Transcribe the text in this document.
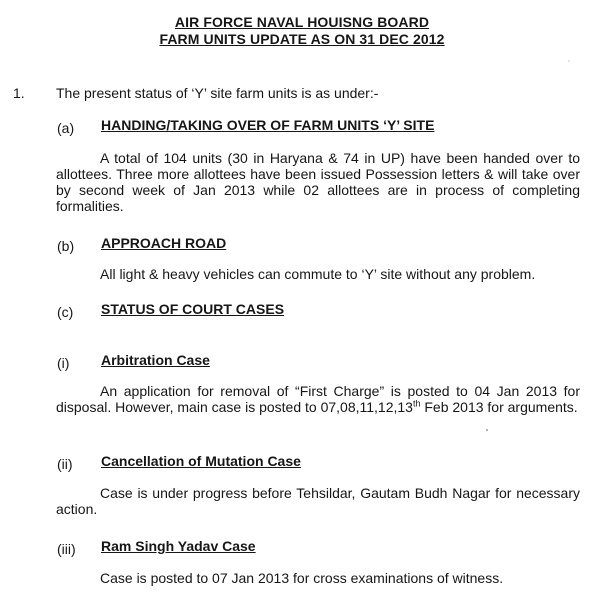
AIR FORCE NAVAL HOUISNG BOARD
FARM UNITS UPDATE AS ON 31 DEC 2012
1. The present status of ‘Y’ site farm units is as under:-
(a) HANDING/TAKING OVER OF FARM UNITS ‘Y’ SITE
A total of 104 units (30 in Haryana & 74 in UP) have been handed over to allottees. Three more allottees have been issued Possession letters & will take over by second week of Jan 2013 while 02 allottees are in process of completing formalities.
(b) APPROACH ROAD
All light & heavy vehicles can commute to ‘Y’ site without any problem.
(c) STATUS OF COURT CASES
(i) Arbitration Case
An application for removal of “First Charge” is posted to 04 Jan 2013 for disposal. However, main case is posted to 07,08,11,12,13th Feb 2013 for arguments.
(ii) Cancellation of Mutation Case
Case is under progress before Tehsildar, Gautam Budh Nagar for necessary action.
(iii) Ram Singh Yadav Case
Case is posted to 07 Jan 2013 for cross examinations of witness.
